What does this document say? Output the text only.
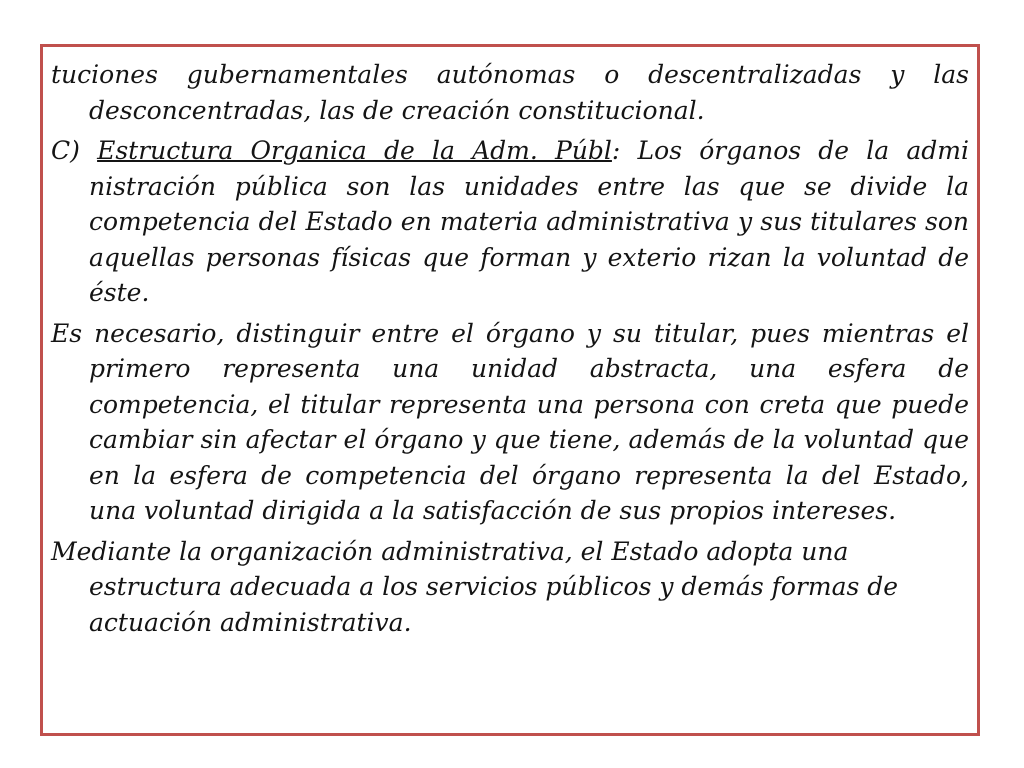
tuciones gubernamentales autónomas o descentralizadas y las desconcentradas, las de creación constitucional.

C) Estructura Organica de la Adm. Públ: Los órganos de la admi nistración pública son las unidades entre las que se divide la competencia del Estado en materia administrativa y sus titulares son aquellas personas físicas que forman y exterio rizan la voluntad de éste.

Es necesario, distinguir entre el órgano y su titular, pues mientras el primero representa una unidad abstracta, una esfera de competencia, el titular representa una persona con creta que puede cambiar sin afectar el órgano y que tiene, además de la voluntad que en la esfera de competencia del órgano representa la del Estado, una voluntad dirigida a la satisfacción de sus propios intereses.

Mediante la organización administrativa, el Estado adopta una estructura adecuada a los servicios públicos y demás formas de actuación administrativa.
